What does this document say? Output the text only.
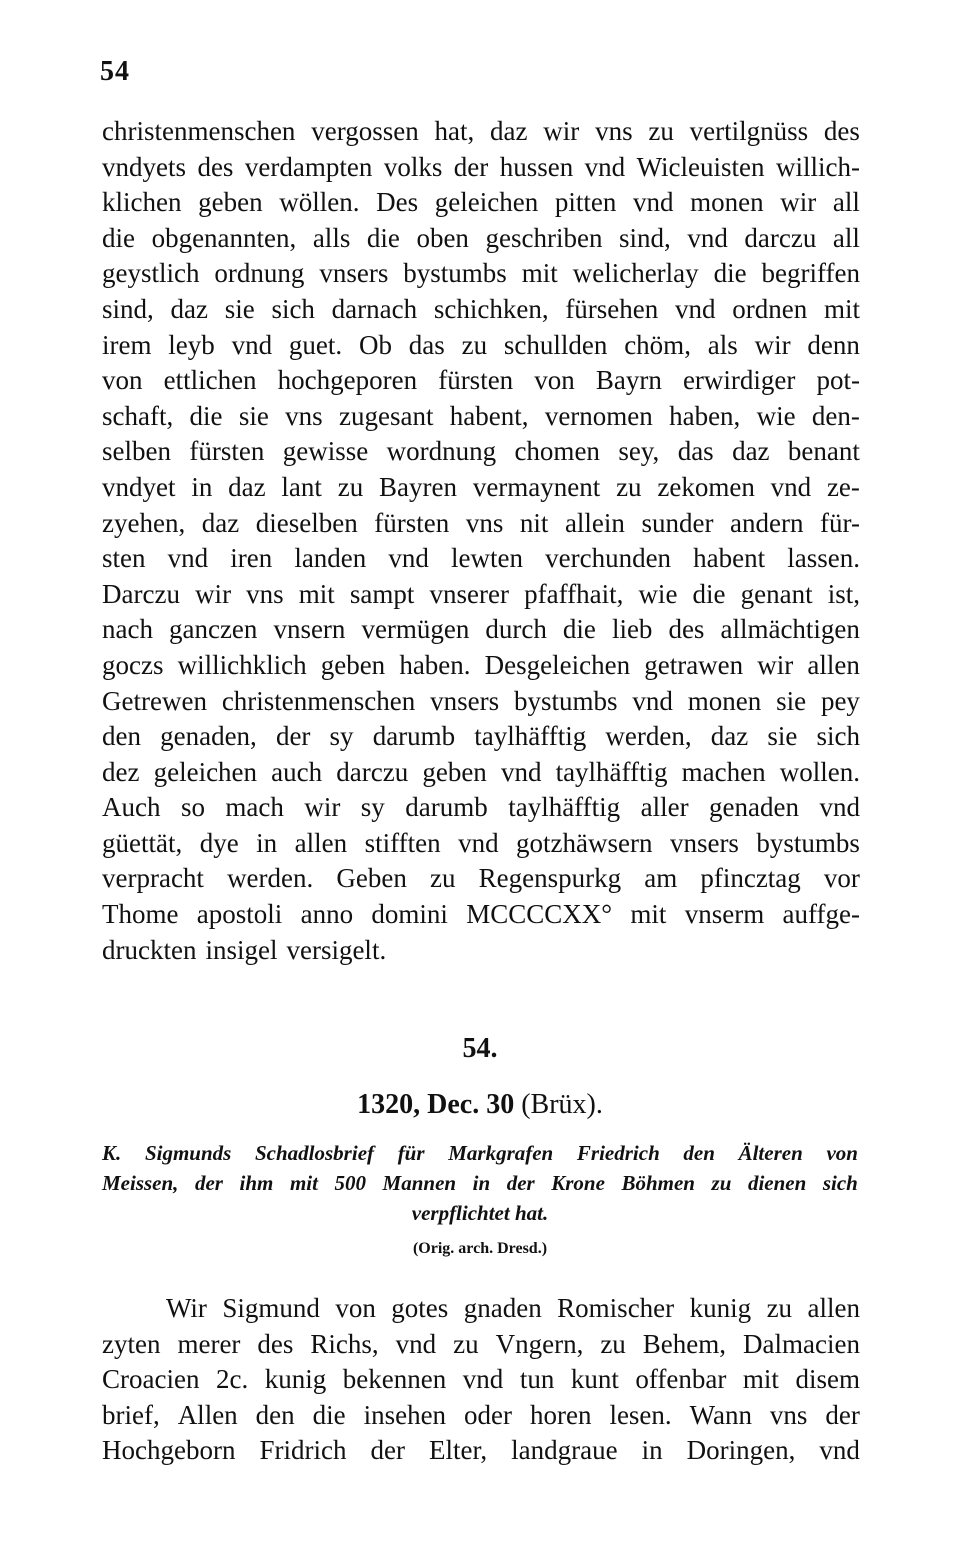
54
christenmenschen vergossen hat, daz wir vns zu vertilgnüss des
vndyets des verdampten volks der hussen vnd Wicleuisten willich-
klichen geben wöllen. Des geleichen pitten vnd monen wir all
die obgenannten, alls die oben geschriben sind, vnd darczu all
geystlich ordnung vnsers bystumbs mit welicherlay die begriffen
sind, daz sie sich darnach schichken, fürsehen vnd ordnen mit
irem leyb vnd guet. Ob das zu schullden chöm, als wir denn
von ettlichen hochgeporen fürsten von Bayrn erwirdiger pot-
schaft, die sie vns zugesant habent, vernomen haben, wie den-
selben fürsten gewisse wordnung chomen sey, das daz benant
vndyet in daz lant zu Bayren vermaynent zu zekomen vnd ze-
zyehen, daz dieselben fürsten vns nit allein sunder andern für-
sten vnd iren landen vnd lewten verchunden habent lassen.
Darczu wir vns mit sampt vnserer pfaffhait, wie die genant ist,
nach ganczen vnsern vermügen durch die lieb des allmächtigen
goczs willichklich geben haben. Desgeleichen getrawen wir allen
Getrewen christenmenschen vnsers bystumbs vnd monen sie pey
den genaden, der sy darumb taylhäfftig werden, daz sie sich
dez geleichen auch darczu geben vnd taylhäfftig machen wollen.
Auch so mach wir sy darumb taylhäfftig aller genaden vnd
güettät, dye in allen stifften vnd gotzhäwsern vnsers bystumbs
verpracht werden. Geben zu Regenspurkg am pfincztag vor
Thome apostoli anno domini MCCCCXX° mit vnserm auffge-
druckten insigel versigelt.
54.
1320, Dec. 30 (Brüx).
K. Sigmunds Schadlosbrief für Markgrafen Friedrich den Älteren von
Meissen, der ihm mit 500 Mannen in der Krone Böhmen zu dienen sich
verpflichtet hat.
(Orig. arch. Dresd.)
Wir Sigmund von gotes gnaden Romischer kunig zu allen
zyten merer des Richs, vnd zu Vngern, zu Behem, Dalmacien
Croacien 2c. kunig bekennen vnd tun kunt offenbar mit disem
brief, Allen den die insehen oder horen lesen. Wann vns der
Hochgeborn Fridrich der Elter, landgraue in Doringen, vnd
